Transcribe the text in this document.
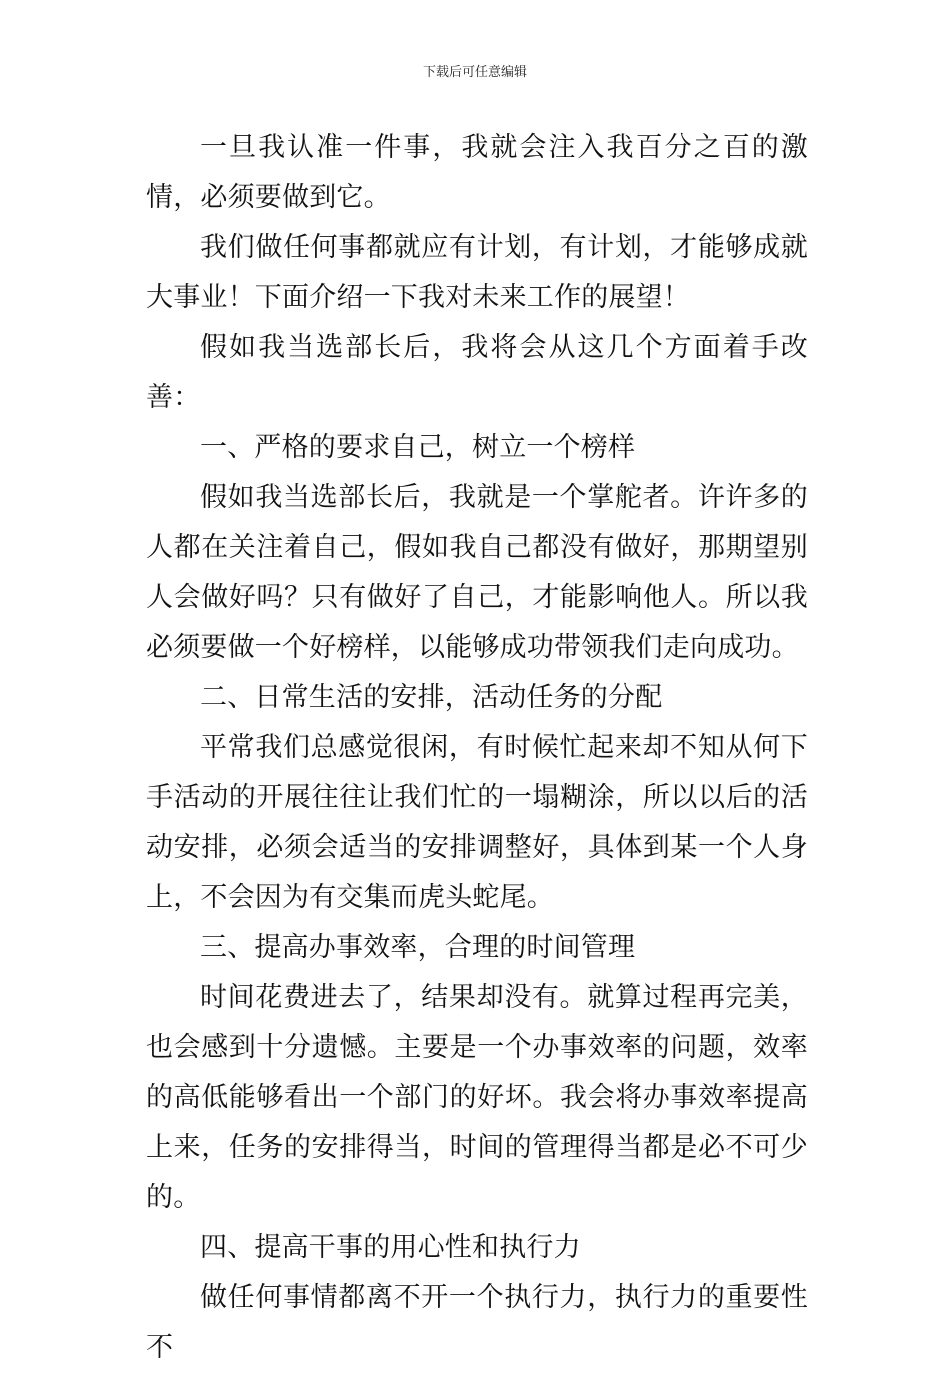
下载后可任意编辑

一旦我认准一件事，我就会注入我百分之百的激情，必须要做到它。

我们做任何事都就应有计划，有计划，才能够成就大事业！下面介绍一下我对未来工作的展望！

假如我当选部长后，我将会从这几个方面着手改善：

一、严格的要求自己，树立一个榜样

假如我当选部长后，我就是一个掌舵者。许许多的人都在关注着自己，假如我自己都没有做好，那期望别人会做好吗？只有做好了自己，才能影响他人。所以我必须要做一个好榜样，以能够成功带领我们走向成功。

二、日常生活的安排，活动任务的分配

平常我们总感觉很闲，有时候忙起来却不知从何下手活动的开展往往让我们忙的一塌糊涂，所以以后的活动安排，必须会适当的安排调整好，具体到某一个人身上，不会因为有交集而虎头蛇尾。

三、提高办事效率，合理的时间管理

时间花费进去了，结果却没有。就算过程再完美，也会感到十分遗憾。主要是一个办事效率的问题，效率的高低能够看出一个部门的好坏。我会将办事效率提高上来，任务的安排得当，时间的管理得当都是必不可少的。

四、提高干事的用心性和执行力

做任何事情都离不开一个执行力，执行力的重要性不
